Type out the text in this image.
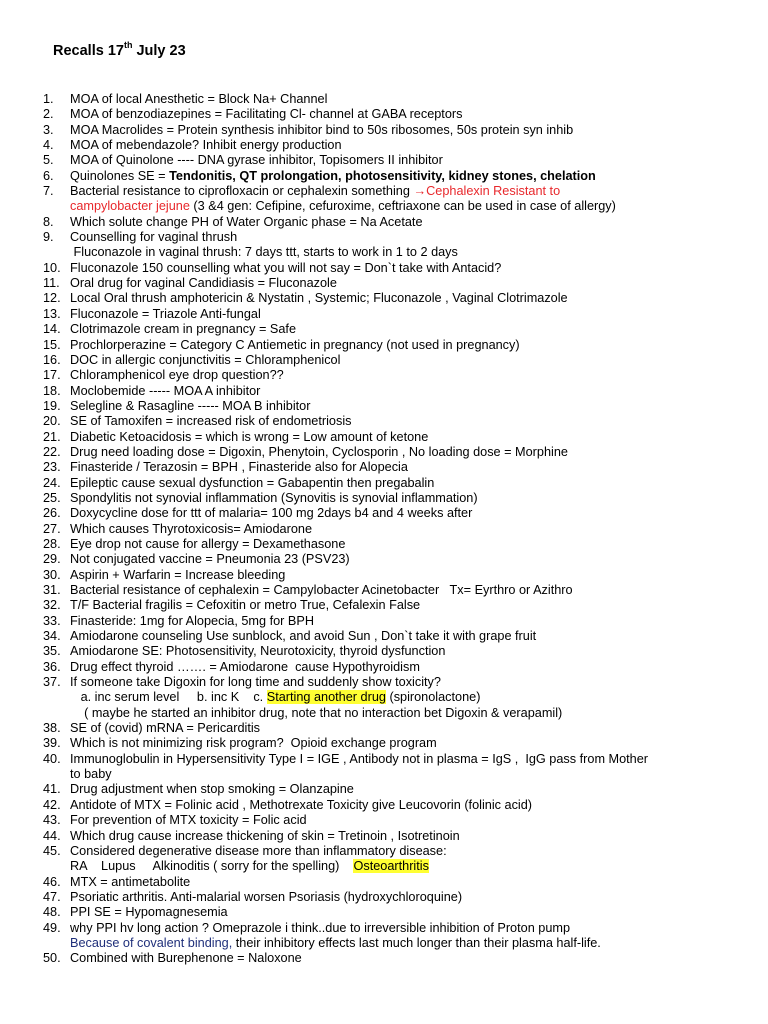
Recalls 17th July 23
1.	MOA of local Anesthetic = Block Na+ Channel
2.	MOA of benzodiazepines = Facilitating Cl- channel at GABA receptors
3.	MOA Macrolides = Protein synthesis inhibitor bind to 50s ribosomes, 50s protein syn inhib
4.	MOA of mebendazole? Inhibit energy production
5.	MOA of Quinolone ---- DNA gyrase inhibitor, Topisomers II inhibitor
6.	Quinolones SE = Tendonitis, QT prolongation, photosensitivity, kidney stones, chelation
7.	Bacterial resistance to ciprofloxacin or cephalexin something →Cephalexin Resistant to
campylobacter jejune (3 &4 gen: Cefipine, cefuroxime, ceftriaxone can be used in case of allergy)
8.	Which solute change PH of Water Organic phase = Na Acetate
9.	Counselling for vaginal thrush
Fluconazole in vaginal thrush: 7 days ttt, starts to work in 1 to 2 days
10. Fluconazole 150 counselling what you will not say = Don`t take with Antacid?
11. Oral drug for vaginal Candidiasis = Fluconazole
12. Local Oral thrush amphotericin & Nystatin , Systemic; Fluconazole , Vaginal Clotrimazole
13. Fluconazole = Triazole Anti-fungal
14. Clotrimazole cream in pregnancy = Safe
15. Prochlorperazine = Category C Antiemetic in pregnancy (not used in pregnancy)
16. DOC in allergic conjunctivitis = Chloramphenicol
17. Chloramphenicol eye drop question??
18. Moclobemide ----- MOA A inhibitor
19. Selegline & Rasagline ----- MOA B inhibitor
20. SE of Tamoxifen = increased risk of endometriosis
21. Diabetic Ketoacidosis = which is wrong = Low amount of ketone
22. Drug need loading dose = Digoxin, Phenytoin, Cyclosporin , No loading dose = Morphine
23. Finasteride / Terazosin = BPH , Finasteride also for Alopecia
24. Epileptic cause sexual dysfunction = Gabapentin then pregabalin
25. Spondylitis not synovial inflammation (Synovitis is synovial inflammation)
26. Doxycycline dose for ttt of malaria= 100 mg 2days b4 and 4 weeks after
27. Which causes Thyrotoxicosis= Amiodarone
28. Eye drop not cause for allergy = Dexamethasone
29. Not conjugated vaccine = Pneumonia 23 (PSV23)
30. Aspirin + Warfarin = Increase bleeding
31. Bacterial resistance of cephalexin = Campylobacter Acinetobacter   Tx= Eyrthro or Azithro
32. T/F Bacterial fragilis = Cefoxitin or metro True, Cefalexin False
33. Finasteride: 1mg for Alopecia, 5mg for BPH
34. Amiodarone counseling Use sunblock, and avoid Sun , Don`t take it with grape fruit
35. Amiodarone SE: Photosensitivity, Neurotoxicity, thyroid dysfunction
36. Drug effect thyroid ……. = Amiodarone  cause Hypothyroidism
37. If someone take Digoxin for long time and suddenly show toxicity?
a. inc serum level     b. inc K    c. Starting another drug (spironolactone)
( maybe he started an inhibitor drug, note that no interaction bet Digoxin & verapamil)
38. SE of (covid) mRNA = Pericarditis
39. Which is not minimizing risk program?  Opioid exchange program
40. Immunoglobulin in Hypersensitivity Type I = IGE , Antibody not in plasma = IgS ,  IgG pass from Mother
to baby
41. Drug adjustment when stop smoking = Olanzapine
42. Antidote of MTX = Folinic acid , Methotrexate Toxicity give Leucovorin (folinic acid)
43. For prevention of MTX toxicity = Folic acid
44. Which drug cause increase thickening of skin = Tretinoin , Isotretinoin
45. Considered degenerative disease more than inflammatory disease:
RA    Lupus     Alkinoditis ( sorry for the spelling)    Osteoarthritis
46. MTX = antimetabolite
47. Psoriatic arthritis. Anti-malarial worsen Psoriasis (hydroxychloroquine)
48. PPI SE = Hypomagnesemia
49. why PPI hv long action ? Omeprazole i think..due to irreversible inhibition of Proton pump
Because of covalent binding, their inhibitory effects last much longer than their plasma half-life.
50. Combined with Burephenone = Naloxone
